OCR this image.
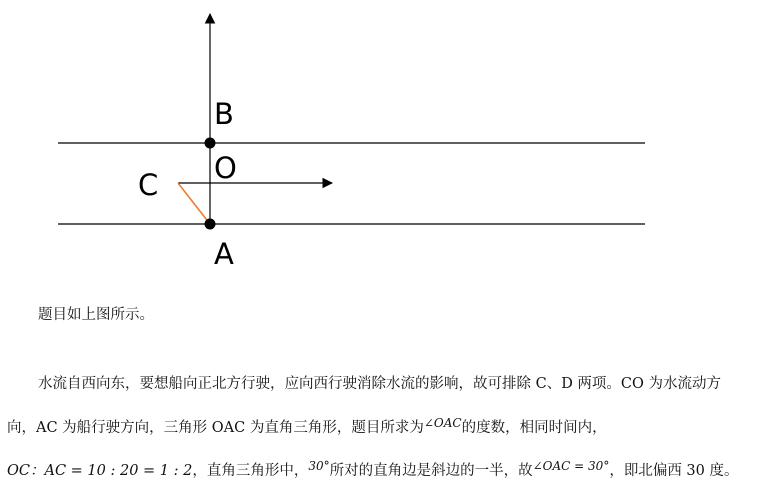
B
O
C
A
题目如上图所示。
水流自西向东，要想船向正北方行驶，应向西行驶消除水流的影响，故可排除 C、D 两项。CO 为水流动方
向，AC 为船行驶方向，三角形 OAC 为直角三角形，题目所求为$^{\angle OAC}$的度数，相同时间内，
OC：AC = 10 : 20 = 1 : 2，直角三角形中，$^{30^\circ}$所对的直角边是斜边的一半，故$^{\angle OAC = 30^\circ}$，即北偏西 30 度。
